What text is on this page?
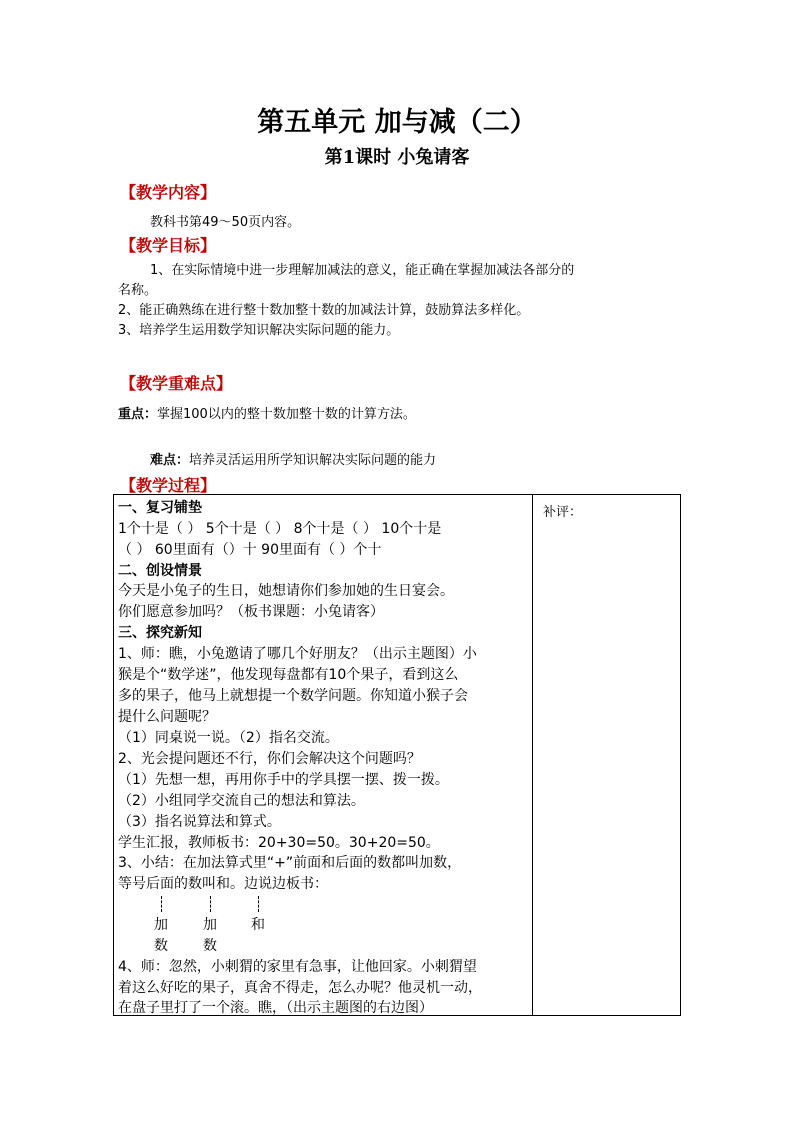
第五单元 加与减（二）
第1课时 小兔请客
【教学内容】
教科书第49～50页内容。
【教学目标】
1、在实际情境中进一步理解加减法的意义，能正确在掌握加减法各部分的
名称。
2、能正确熟练在进行整十数加整十数的加减法计算，鼓励算法多样化。
3、培养学生运用数学知识解决实际问题的能力。
【教学重难点】
重点：掌握100以内的整十数加整十数的计算方法。
难点：培养灵活运用所学知识解决实际问题的能力
【教学过程】
一、复习铺垫
1个十是（ ） 5个十是（ ） 8个十是（ ） 10个十是
（ ） 60里面有（）十 90里面有（ ）个十
二、创设情景
今天是小兔子的生日，她想请你们参加她的生日宴会。
你们愿意参加吗？（板书课题：小兔请客）
三、探究新知
1、师：瞧，小兔邀请了哪几个好朋友？（出示主题图）小
猴是个“数学迷”，他发现每盘都有10个果子，看到这么
多的果子，他马上就想提一个数学问题。你知道小猴子会
提什么问题呢？
（1）同桌说一说。（2）指名交流。
2、光会提问题还不行，你们会解决这个问题吗？
（1）先想一想，再用你手中的学具摆一摆、拨一拨。
（2）小组同学交流自己的想法和算法。
（3）指名说算法和算式。
学生汇报，教师板书：20+30=50。30+20=50。
3、小结：在加法算式里“+”前面和后面的数都叫加数，
等号后面的数叫和。边说边板书：
加	加 和
数	数
4、师：忽然，小刺猬的家里有急事，让他回家。小刺猬望
着这么好吃的果子，真舍不得走，怎么办呢？他灵机一动，
在盘子里打了一个滚。瞧，（出示主题图的右边图）

补评：
